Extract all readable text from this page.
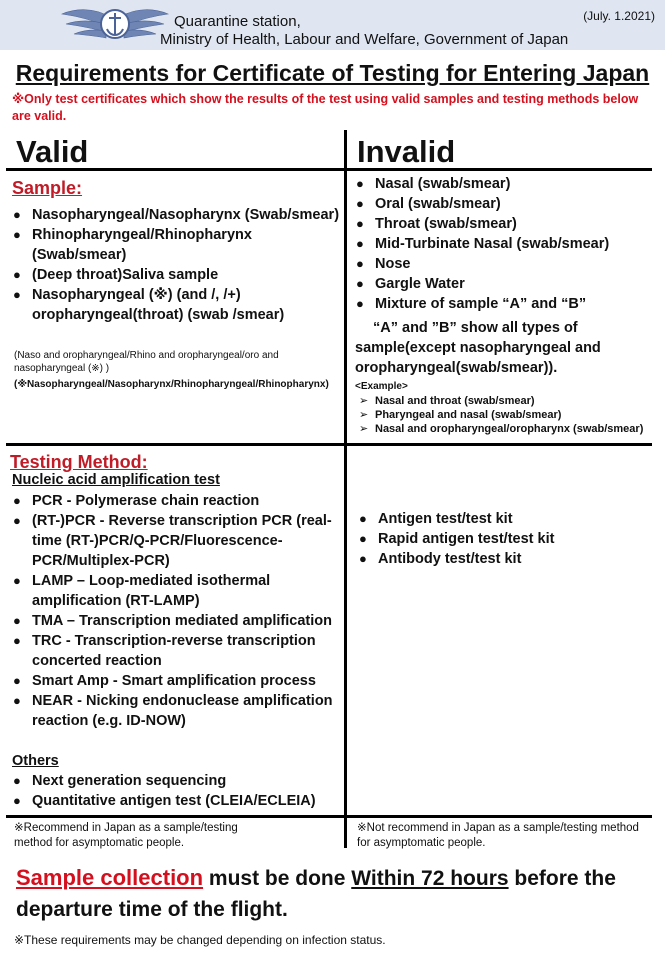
Quarantine station,
Ministry of Health, Labour and Welfare, Government of Japan
(July. 1.2021)
Requirements for Certificate of Testing for Entering Japan
※Only test certificates which show the results of the test using valid samples and testing methods below are valid.
Valid	Invalid
Sample:
● Nasopharyngeal/Nasopharynx (Swab/smear)
● Rhinopharyngeal/Rhinopharynx (Swab/smear)
● (Deep throat)Saliva sample
● Nasopharyngeal (※) (and /, /+) oropharyngeal(throat) (swab /smear)
(Naso and oropharyngeal/Rhino and oropharyngeal/oro and nasopharyngeal (※) )
(※Nasopharyngeal/Nasopharynx/Rhinopharyngeal/Rhinopharynx)
● Nasal (swab/smear)
● Oral (swab/smear)
● Throat (swab/smear)
● Mid-Turbinate Nasal (swab/smear)
● Nose
● Gargle Water
● Mixture of sample “A” and “B”
“A” and ”B” show all types of sample(except nasopharyngeal and oropharyngeal(swab/smear)).
<Example>
➢ Nasal and throat (swab/smear)
➢ Pharyngeal and nasal (swab/smear)
➢ Nasal and oropharyngeal/oropharynx (swab/smear)
Testing Method:
Nucleic acid amplification test
● PCR - Polymerase chain reaction
● (RT-)PCR - Reverse transcription PCR (real-time (RT-)PCR/Q-PCR/Fluorescence-PCR/Multiplex-PCR)
● LAMP – Loop-mediated isothermal amplification (RT-LAMP)
● TMA – Transcription mediated amplification
● TRC - Transcription-reverse transcription concerted reaction
● Smart Amp - Smart amplification process
● NEAR - Nicking endonuclease amplification reaction (e.g. ID-NOW)
Others
● Next generation sequencing
● Quantitative antigen test (CLEIA/ECLEIA)
● Antigen test/test kit
● Rapid antigen test/test kit
● Antibody test/test kit
※Recommend in Japan as a sample/testing method for asymptomatic people.
※Not recommend in Japan as a sample/testing method for asymptomatic people.
Sample collection must be done Within 72 hours before the departure time of the flight.
※These requirements may be changed depending on infection status.
